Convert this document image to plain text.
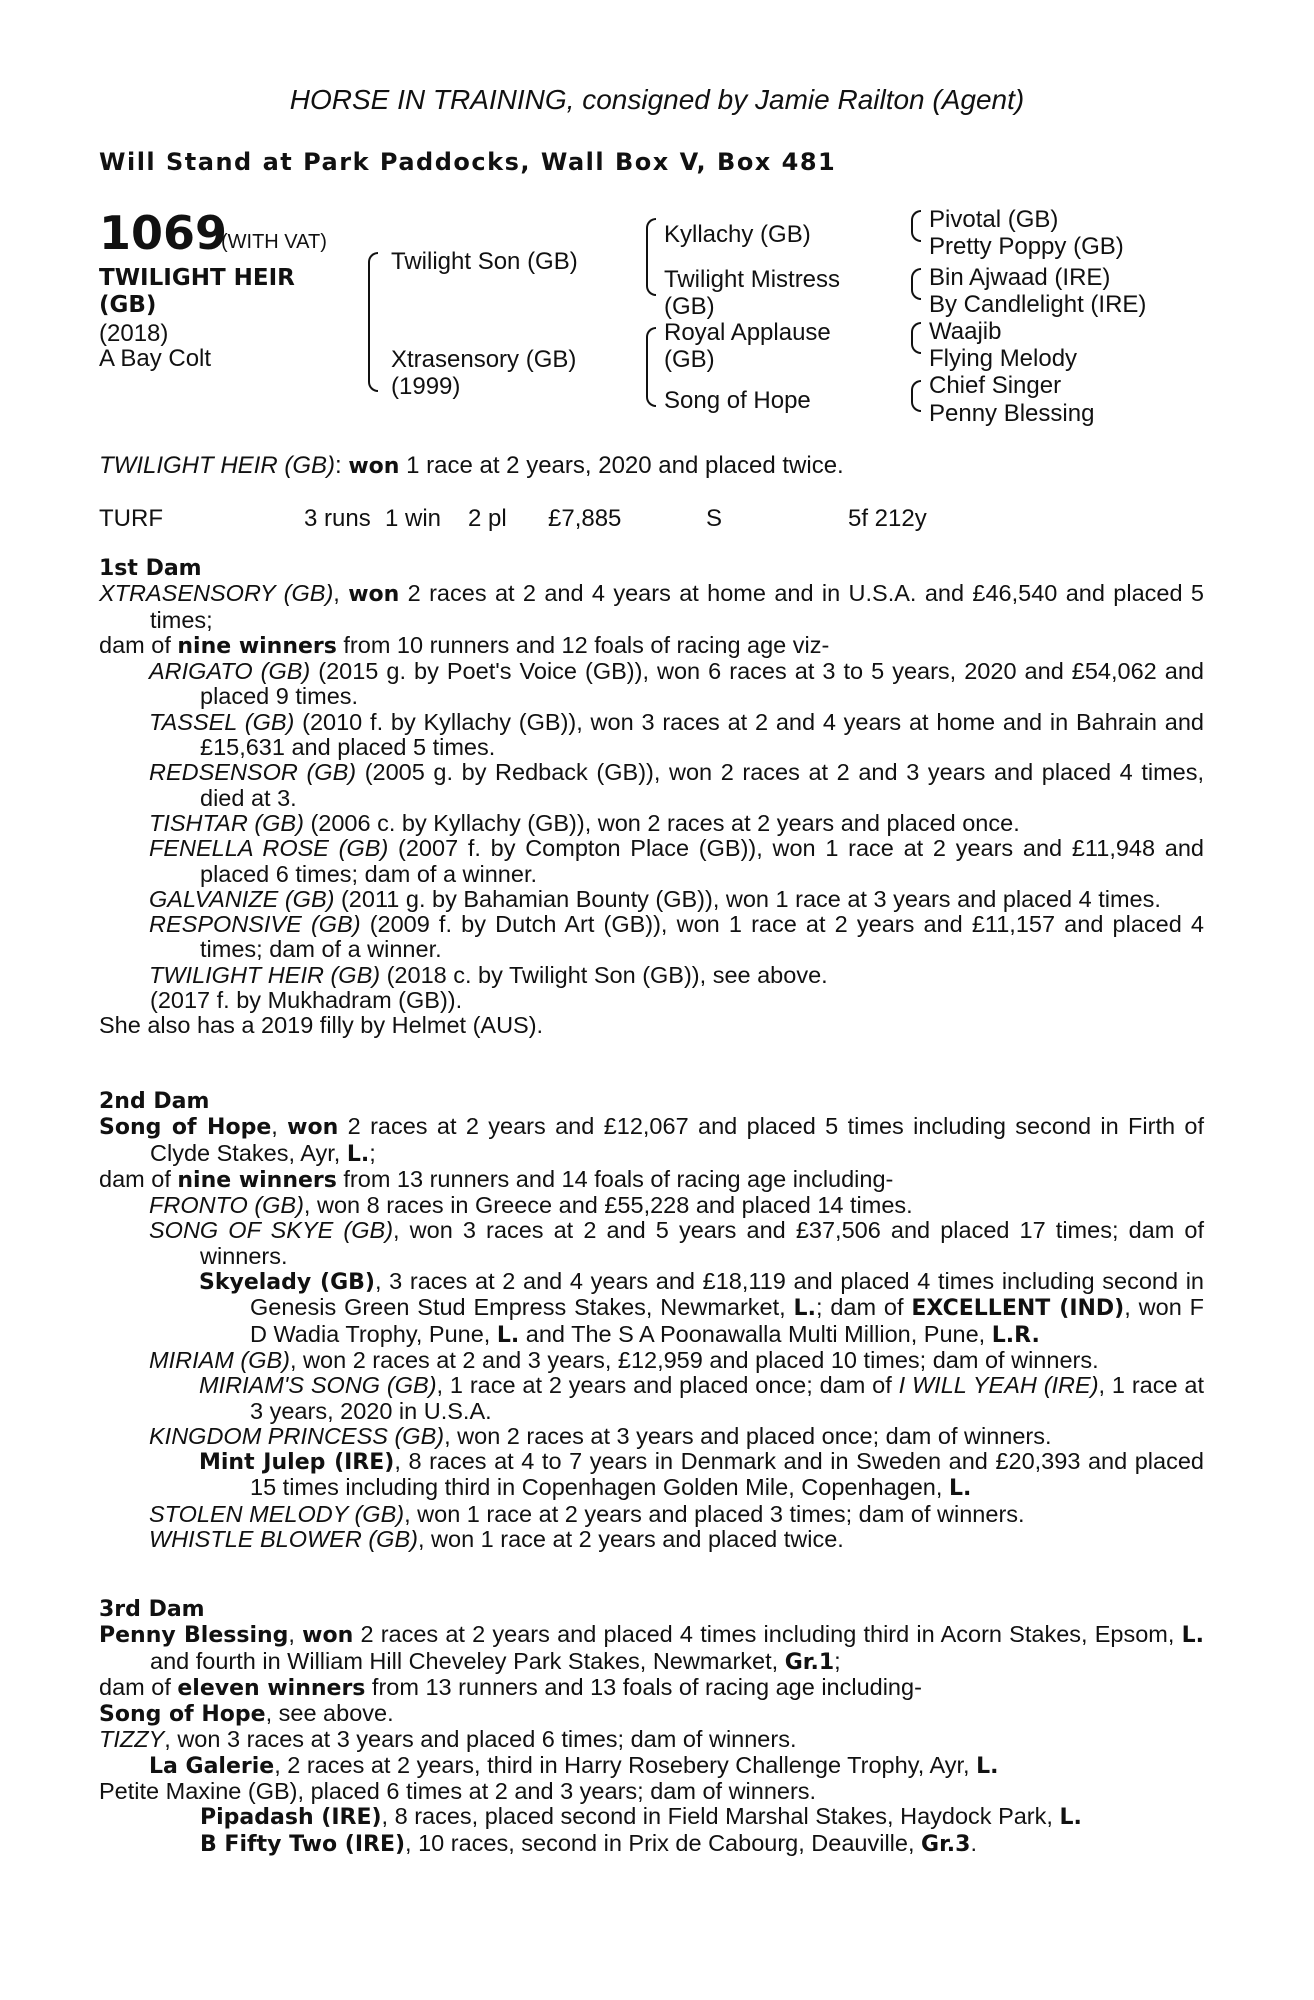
HORSE IN TRAINING, consigned by Jamie Railton (Agent)
Will Stand at Park Paddocks, Wall Box V, Box 481
1069
(WITH VAT)
TWILIGHT HEIR
(GB)
(2018)
A Bay Colt
Twilight Son (GB)
Xtrasensory (GB)
(1999)
Kyllachy (GB)
Twilight Mistress
(GB)
Royal Applause
(GB)
Song of Hope
Pivotal (GB)
Pretty Poppy (GB)
Bin Ajwaad (IRE)
By Candlelight (IRE)
Waajib
Flying Melody
Chief Singer
Penny Blessing
TWILIGHT HEIR (GB): won 1 race at 2 years, 2020 and placed twice.
TURF	3 runs 1 win 2 pl £7,885	S	5f 212y

1st Dam

XTRASENSORY (GB), won 2 races at 2 and 4 years at home and in U.S.A. and £46,540 and placed 5 times;

dam of nine winners from 10 runners and 12 foals of racing age viz-

ARIGATO (GB) (2015 g. by Poet's Voice (GB)), won 6 races at 3 to 5 years, 2020 and £54,062 and placed 9 times.

TASSEL (GB) (2010 f. by Kyllachy (GB)), won 3 races at 2 and 4 years at home and in Bahrain and £15,631 and placed 5 times.

REDSENSOR (GB) (2005 g. by Redback (GB)), won 2 races at 2 and 3 years and placed 4 times, died at 3.

TISHTAR (GB) (2006 c. by Kyllachy (GB)), won 2 races at 2 years and placed once.

FENELLA ROSE (GB) (2007 f. by Compton Place (GB)), won 1 race at 2 years and £11,948 and placed 6 times; dam of a winner.

GALVANIZE (GB) (2011 g. by Bahamian Bounty (GB)), won 1 race at 3 years and placed 4 times.

RESPONSIVE (GB) (2009 f. by Dutch Art (GB)), won 1 race at 2 years and £11,157 and placed 4 times; dam of a winner.

TWILIGHT HEIR (GB) (2018 c. by Twilight Son (GB)), see above.

(2017 f. by Mukhadram (GB)).

She also has a 2019 filly by Helmet (AUS).

2nd Dam

Song of Hope, won 2 races at 2 years and £12,067 and placed 5 times including second in Firth of Clyde Stakes, Ayr, L.;

dam of nine winners from 13 runners and 14 foals of racing age including-

FRONTO (GB), won 8 races in Greece and £55,228 and placed 14 times.

SONG OF SKYE (GB), won 3 races at 2 and 5 years and £37,506 and placed 17 times; dam of winners.

Skyelady (GB), 3 races at 2 and 4 years and £18,119 and placed 4 times including second in Genesis Green Stud Empress Stakes, Newmarket, L.; dam of EXCELLENT (IND), won F D Wadia Trophy, Pune, L. and The S A Poonawalla Multi Million, Pune, L.R.

MIRIAM (GB), won 2 races at 2 and 3 years, £12,959 and placed 10 times; dam of winners.

MIRIAM'S SONG (GB), 1 race at 2 years and placed once; dam of I WILL YEAH (IRE), 1 race at 3 years, 2020 in U.S.A.

KINGDOM PRINCESS (GB), won 2 races at 3 years and placed once; dam of winners.

Mint Julep (IRE), 8 races at 4 to 7 years in Denmark and in Sweden and £20,393 and placed 15 times including third in Copenhagen Golden Mile, Copenhagen, L.

STOLEN MELODY (GB), won 1 race at 2 years and placed 3 times; dam of winners.

WHISTLE BLOWER (GB), won 1 race at 2 years and placed twice.

3rd Dam

Penny Blessing, won 2 races at 2 years and placed 4 times including third in Acorn Stakes, Epsom, L. and fourth in William Hill Cheveley Park Stakes, Newmarket, Gr.1;

dam of eleven winners from 13 runners and 13 foals of racing age including-

Song of Hope, see above.

TIZZY, won 3 races at 3 years and placed 6 times; dam of winners.

La Galerie, 2 races at 2 years, third in Harry Rosebery Challenge Trophy, Ayr, L.

Petite Maxine (GB), placed 6 times at 2 and 3 years; dam of winners.

Pipadash (IRE), 8 races, placed second in Field Marshal Stakes, Haydock Park, L.

B Fifty Two (IRE), 10 races, second in Prix de Cabourg, Deauville, Gr.3.
